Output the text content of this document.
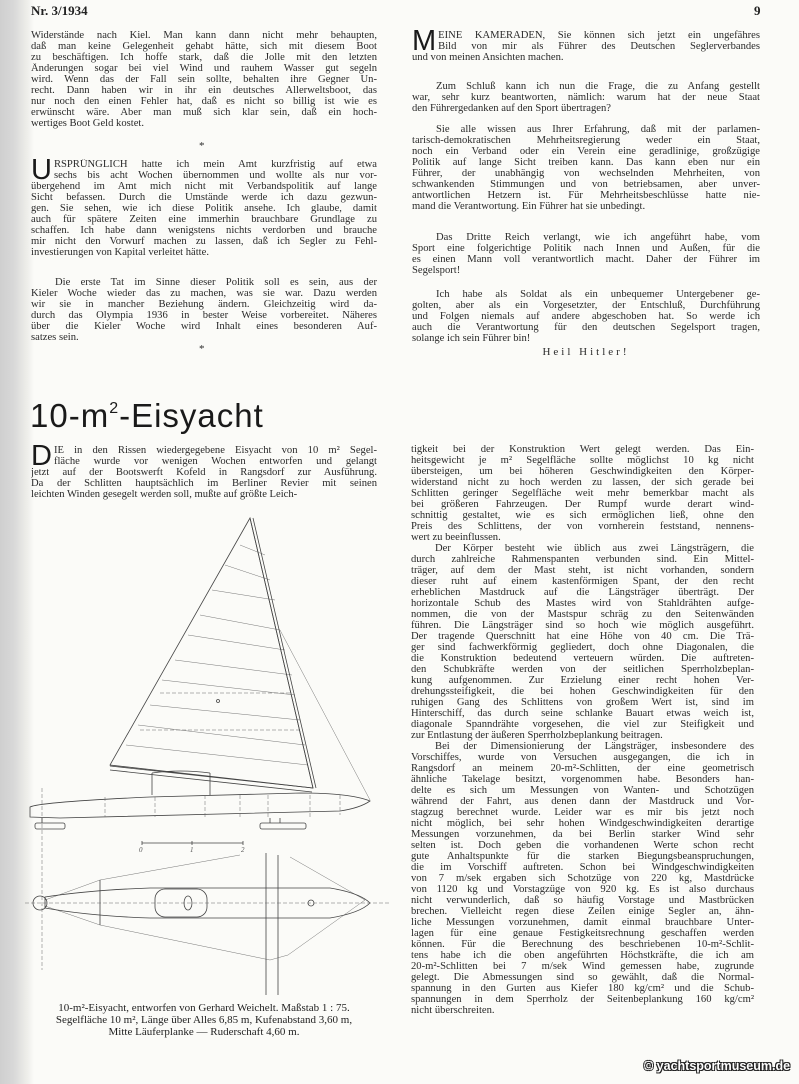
Nr. 3/1934	9
Widerstände nach Kiel. Man kann dann nicht mehr behaupten,
daß man keine Gelegenheit gehabt hätte, sich mit diesem Boot
zu beschäftigen. Ich hoffe stark, daß die Jolle mit den letzten
Änderungen sogar bei viel Wind und rauhem Wasser gut segeln
wird. Wenn das der Fall sein sollte, behalten ihre Gegner Un-
recht. Dann haben wir in ihr ein deutsches Allerweltsboot, das
nur noch den einen Fehler hat, daß es nicht so billig ist wie es
erwünscht wäre. Aber man muß sich klar sein, daß ein hoch-
wertiges Boot Geld kostet.
*
U RSPRÜNGLICH hatte ich mein Amt kurzfristig auf etwa
sechs bis acht Wochen übernommen und wollte als nur vor-
übergehend im Amt mich nicht mit Verbandspolitik auf lange
Sicht befassen. Durch die Umstände werde ich dazu gezwun-
gen. Sie sehen, wie ich diese Politik ansehe. Ich glaube, damit
auch für spätere Zeiten eine immerhin brauchbare Grundlage zu
schaffen. Ich habe dann wenigstens nichts verdorben und brauche
mir nicht den Vorwurf machen zu lassen, daß ich Segler zu Fehl-
investierungen von Kapital verleitet hätte.
Die erste Tat im Sinne dieser Politik soll es sein, aus der
Kieler Woche wieder das zu machen, was sie war. Dazu werden
wir sie in mancher Beziehung ändern. Gleichzeitig wird da-
durch das Olympia 1936 in bester Weise vorbereitet. Näheres
über die Kieler Woche wird Inhalt eines besonderen Auf-
satzes sein.
*
M EINE KAMERADEN, Sie können sich jetzt ein ungefähres
Bild von mir als Führer des Deutschen Seglerverbandes
und von meinen Ansichten machen.
Zum Schluß kann ich nun die Frage, die zu Anfang gestellt
war, sehr kurz beantworten, nämlich: warum hat der neue Staat
den Führergedanken auf den Sport übertragen?
Sie alle wissen aus Ihrer Erfahrung, daß mit der parlamen-
tarisch-demokratischen Mehrheitsregierung weder ein Staat,
noch ein Verband oder ein Verein eine geradlinige, großzügige
Politik auf lange Sicht treiben kann. Das kann eben nur ein
Führer, der unabhängig von wechselnden Mehrheiten, von
schwankenden Stimmungen und von betriebsamen, aber unver-
antwortlichen Hetzern ist. Für Mehrheitsbeschlüsse hatte nie-
mand die Verantwortung. Ein Führer hat sie unbedingt.
Das Dritte Reich verlangt, wie ich angeführt habe, vom
Sport eine folgerichtige Politik nach Innen und Außen, für die
es einen Mann voll verantwortlich macht. Daher der Führer im
Segelsport!
Ich habe als Soldat als ein unbequemer Untergebener ge-
golten, aber als ein Vorgesetzter, der Entschluß, Durchführung
und Folgen niemals auf andere abgeschoben hat. So werde ich
auch die Verantwortung für den deutschen Segelsport tragen,
solange ich sein Führer bin!
Heil Hitler!
$10-m^2$-Eisyacht
D IE in den Rissen wiedergegebene Eisyacht von 10 m² Segel-
fläche wurde vor wenigen Wochen entworfen und gelangt
jetzt auf der Bootswerft Kofeld in Rangsdorf zur Ausführung.
Da der Schlitten hauptsächlich im Berliner Revier mit seinen
leichten Winden gesegelt werden soll, mußte auf größte Leich-
tigkeit bei der Konstruktion Wert gelegt werden. Das Ein-
heitsgewicht je m² Segelfläche sollte möglichst 10 kg nicht
übersteigen, um bei höheren Geschwindigkeiten den Körper-
widerstand nicht zu hoch werden zu lassen, der sich gerade bei
Schlitten geringer Segelfläche weit mehr bemerkbar macht als
bei größeren Fahrzeugen. Der Rumpf wurde derart wind-
schnittig gestaltet, wie es sich ermöglichen ließ, ohne den
Preis des Schlittens, der von vornherein feststand, nennens-
wert zu beeinflussen.
Der Körper besteht wie üblich aus zwei Längsträgern, die
durch zahlreiche Rahmenspanten verbunden sind. Ein Mittel-
träger, auf dem der Mast steht, ist nicht vorhanden, sondern
dieser ruht auf einem kastenförmigen Spant, der den recht
erheblichen Mastdruck auf die Längsträger überträgt. Der
horizontale Schub des Mastes wird von Stahldrähten aufge-
nommen, die von der Mastspur schräg zu den Seitenwänden
führen. Die Längsträger sind so hoch wie möglich ausgeführt.
Der tragende Querschnitt hat eine Höhe von 40 cm. Die Trä-
ger sind fachwerkförmig gegliedert, doch ohne Diagonalen, die
die Konstruktion bedeutend verteuern würden. Die auftreten-
den Schubkräfte werden von der seitlichen Sperrholzbeplan-
kung aufgenommen. Zur Erzielung einer recht hohen Ver-
drehungssteifigkeit, die bei hohen Geschwindigkeiten für den
ruhigen Gang des Schlittens von großem Wert ist, sind im
Hinterschiff, das durch seine schlanke Bauart etwas weich ist,
diagonale Spanndrähte vorgesehen, die viel zur Steifigkeit und
zur Entlastung der äußeren Sperrholzbeplankung beitragen.
Bei der Dimensionierung der Längsträger, insbesondere des
Vorschiffes, wurde von Versuchen ausgegangen, die ich in
Rangsdorf an meinem 20-m²-Schlitten, der eine geometrisch
ähnliche Takelage besitzt, vorgenommen habe. Besonders han-
delte es sich um Messungen von Wanten- und Schotzügen
während der Fahrt, aus denen dann der Mastdruck und Vor-
stagzug berechnet wurde. Leider war es mir bis jetzt noch
nicht möglich, bei sehr hohen Windgeschwindigkeiten derartige
Messungen vorzunehmen, da bei Berlin starker Wind sehr
selten ist. Doch geben die vorhandenen Werte schon recht
gute Anhaltspunkte für die starken Biegungsbeanspruchungen,
die im Vorschiff auftreten. Schon bei Windgeschwindigkeiten
von 7 m/sek ergaben sich Schotzüge von 220 kg, Mastdrücke
von 1120 kg und Vorstagzüge von 920 kg. Es ist also durchaus
nicht verwunderlich, daß so häufig Vorstage und Mastbrücken
brechen. Vielleicht regen diese Zeilen einige Segler an, ähn-
liche Messungen vorzunehmen, damit einmal brauchbare Unter-
lagen für eine genaue Festigkeitsrechnung geschaffen werden
können. Für die Berechnung des beschriebenen 10-m²-Schlit-
tens habe ich die oben angeführten Höchstkräfte, die ich am
20-m²-Schlitten bei 7 m/sek Wind gemessen habe, zugrunde
gelegt. Die Abmessungen sind so gewählt, daß die Normal-
spannung in den Gurten aus Kiefer 180 kg/cm² und die Schub-
spannungen in dem Sperrholz der Seitenbeplankung 160 kg/cm²
nicht überschreiten.
0	1	2
10-m²-Eisyacht, entworfen von Gerhard Weichelt. Maßstab 1 : 75.
Segelfläche 10 m², Länge über Alles 6,85 m, Kufenabstand 3,60 m,
Mitte Läuferplanke — Ruderschaft 4,60 m.
© yachtsportmuseum.de
